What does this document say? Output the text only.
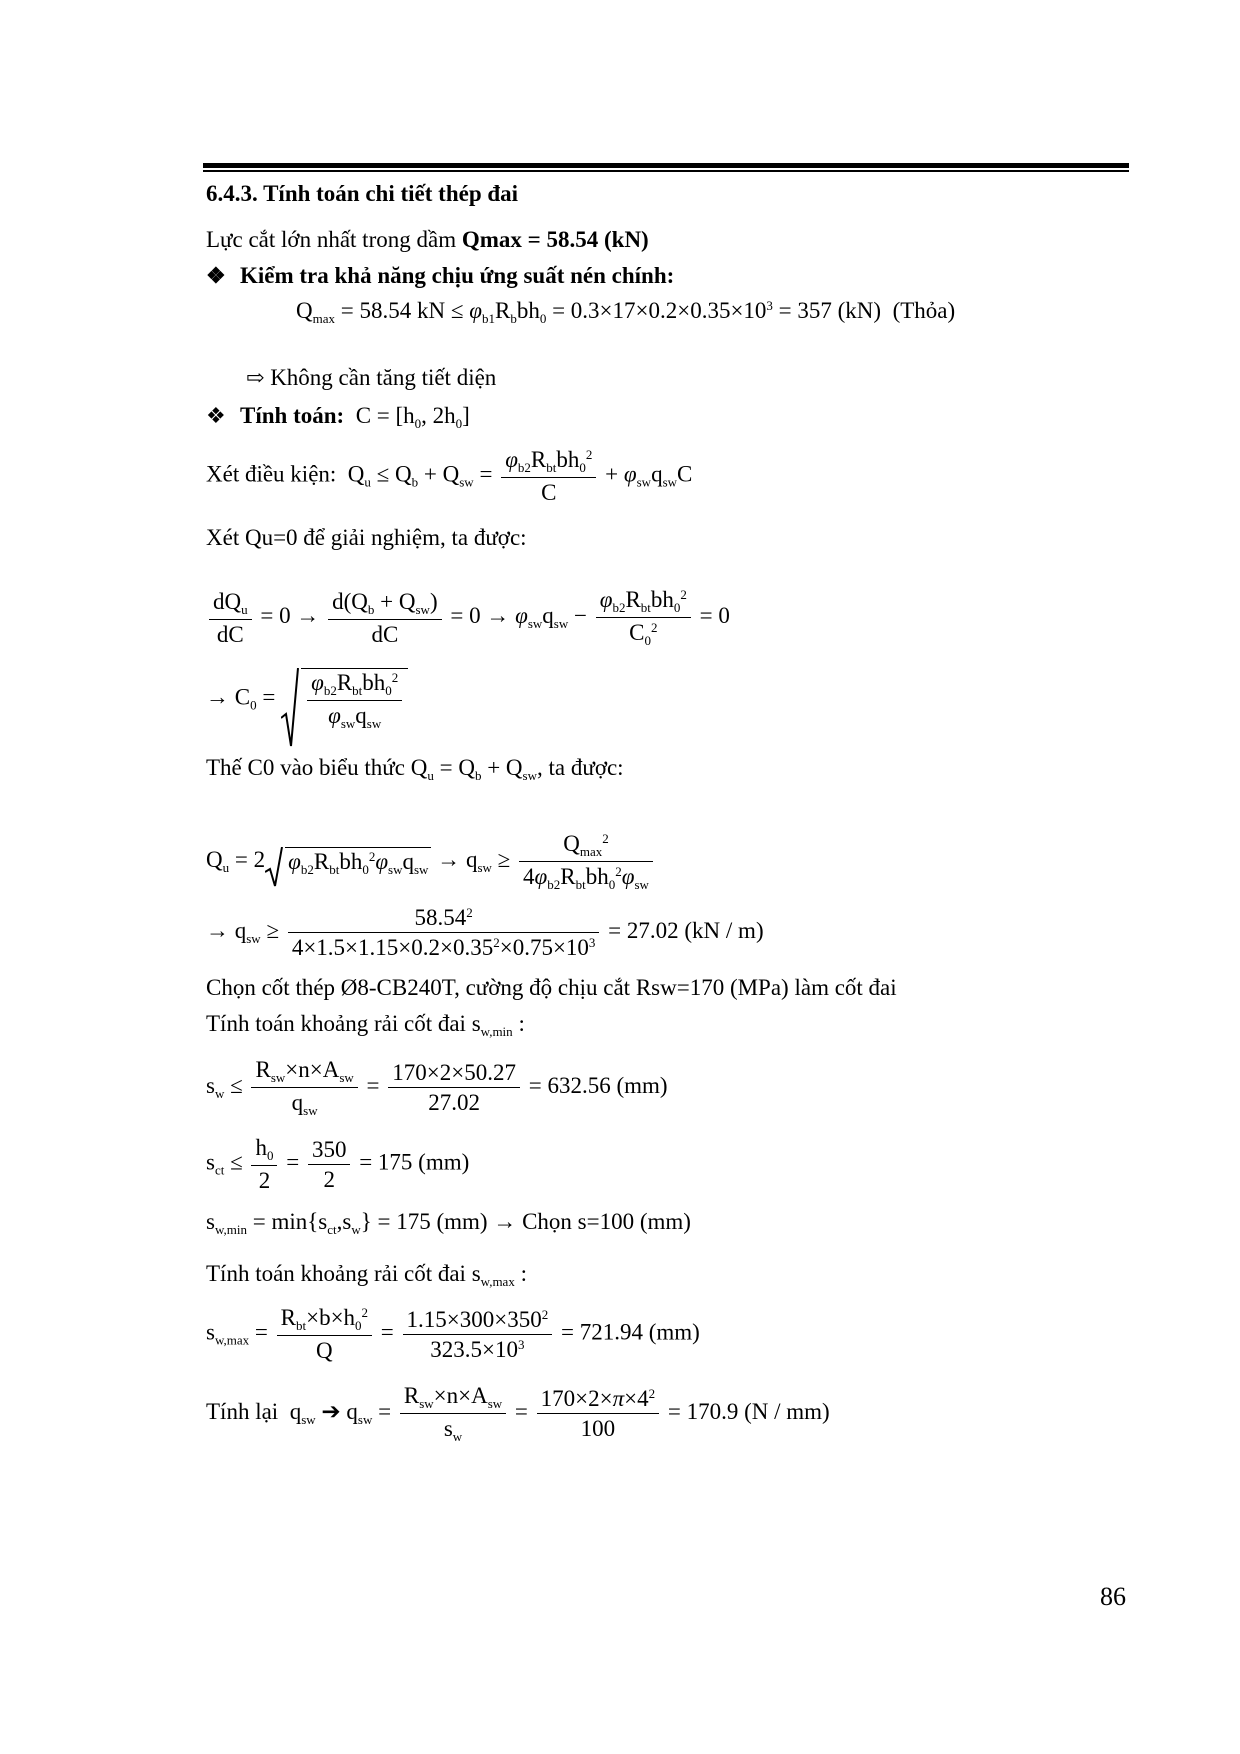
6.4.3. Tính toán chi tiết thép đai
Lực cắt lớn nhất trong dầm Qmax = 58.54 (kN)
❖ Kiểm tra khả năng chịu ứng suất nén chính:
$Q_{max} = 58.54$ kN ≤ $\varphi_{b1}R_bbh_0 = 0.3\times 17\times 0.2\times 0.35\times 10^3 = 357$ (kN)  (Thỏa)
⇨ Không cần tăng tiết diện
❖ Tính toán:  $C = [h_0$, $2h_0$]
Xét điều kiện:  $Q_u \le Q_b + Q_{sw} = \frac{\varphi_{b2}R_{bt}bh_0^2}{C} + \varphi_{sw}q_{sw}C$
Xét Qu=0 để giải nghiệm, ta được:
$\frac{dQ_u}{dC} = 0 \to \frac{d(Q_b + Q_{sw})}{dC} = 0 \to \varphi_{sw}q_{sw} - \frac{\varphi_{b2}R_{bt}bh_0^2}{C_0^2} = 0$
→ $C_0 = \frac{\varphi_{b2}R_{bt}bh_0^2}{\varphi_{sw}q_{sw}}$
Thế C0 vào biểu thức $Q_u = Q_b + Q_{sw}$, ta được:
$Q_u = 2$ $\varphi_{b2}R_{bt}bh_0^2\varphi_{sw}q_{sw} \to q_{sw} \ge \frac{Q_{max}^2}{4\varphi_{b2}R_{bt}bh_0^2\varphi_{sw}}$
→ $q_{sw} \ge \frac{58.54^2}{4\times 1.5\times 1.15\times 0.2\times 0.35^2\times 0.75\times 10^3} = 27.02$ (kN / m)
Chọn cốt thép Ø8-CB240T, cường độ chịu cắt Rsw=170 (MPa) làm cốt đai
Tính toán khoảng rải cốt đai $s_{w,min}$ :
$s_w \le \frac{R_{sw}\times n\times A_{sw}}{q_{sw}} = \frac{170\times 2\times 50.27}{27.02} = 632.56$ (mm)
$s_{ct} \le \frac{h_0}{2} = \frac{350}{2} = 175$ (mm)
$s_{w,min} = \min\{s_{ct},s_w\} = 175$ (mm) → Chọn s=100 (mm)
Tính toán khoảng rải cốt đai $s_{w,max}$ :
$s_{w,max} = \frac{R_{bt}\times b\times h_0^2}{Q} = \frac{1.15\times 300\times 350^2}{323.5\times 10^3} = 721.94$ (mm)
Tính lại  $q_{sw}$ ➔ $q_{sw} = \frac{R_{sw}\times n\times A_{sw}}{s_w} = \frac{170\times 2\times\pi\times 4^2}{100} = 170.9$ (N / mm)
86
